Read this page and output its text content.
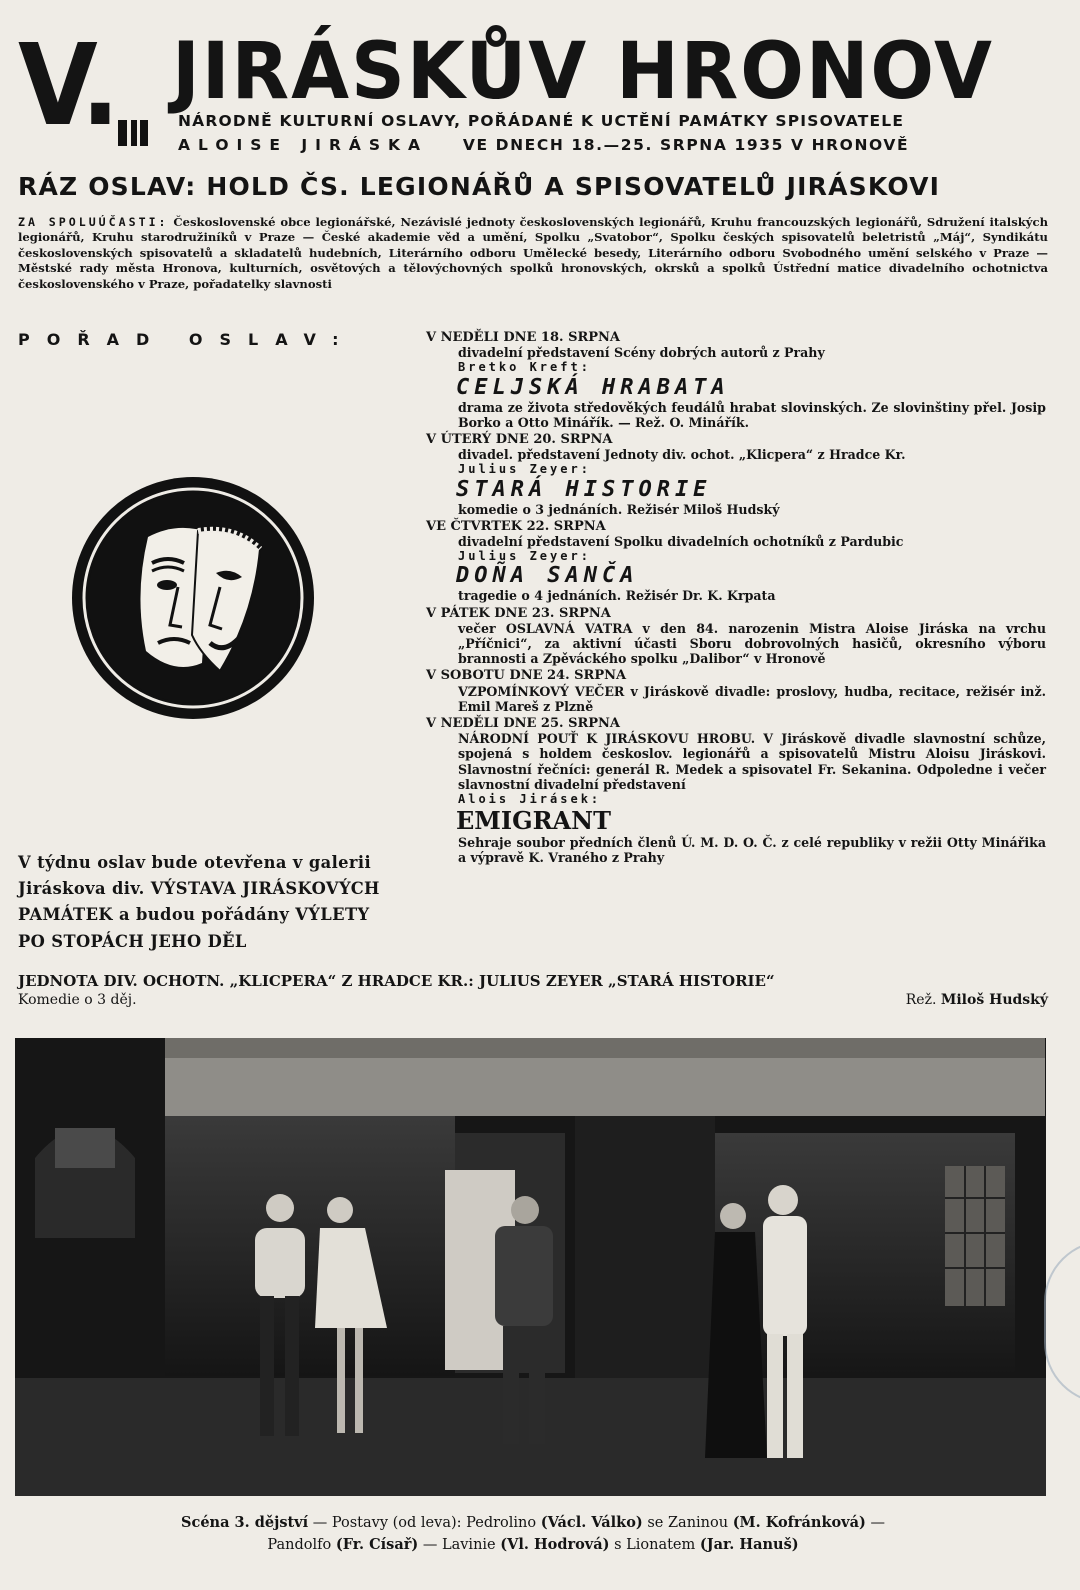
V. JIRÁSKŮV HRONOV
NÁRODNĚ KULTURNÍ OSLAVY, POŘÁDANÉ K UCTĚNÍ PAMÁTKY SPISOVATELE
ALOISE JIRÁSKA VE DNECH 18.—25. SRPNA 1935 V HRONOVĚ
RÁZ OSLAV: HOLD ČS. LEGIONÁŘŮ A SPISOVATELŮ JIRÁSKOVI
ZA SPOLUÚČASTI: Československé obce legionářské, Nezávislé jednoty československých legionářů, Kruhu francouzských legionářů, Sdružení italských legionářů, Kruhu starodružiníků v Praze — České akademie věd a umění, Spolku „Svatobor“, Spolku českých spisovatelů beletristů „Máj“, Syndikátu československých spisovatelů a skladatelů hudebních, Literárního odboru Umělecké besedy, Literárního odboru Svobodného umění selského v Praze — Městské rady města Hronova, kulturních, osvětových a tělovýchovných spolků hronovských, okrsků a spolků Ústřední matice divadelního ochotnictva československého v Praze, pořadatelky slavnosti
POŘAD OSLAV:	V NEDĚLI DNE 18. SRPNA
divadelní představení Scény dobrých autorů z Prahy
Bretko Kreft:
CELJSKÁ HRABATA
drama ze života středověkých feudálů hrabat slovinských. Ze slovinštiny přel. Josip Borko a Otto Minářík. — Rež. O. Minářík.
V ÚTERÝ DNE 20. SRPNA
divadel. představení Jednoty div. ochot. „Klicpera“ z Hradce Kr.
Julius Zeyer:
STARÁ HISTORIE
komedie o 3 jednáních. Režisér Miloš Hudský
VE ČTVRTEK 22. SRPNA
divadelní představení Spolku divadelních ochotníků z Pardubic
Julius Zeyer:
DOÑA SANČA
tragedie o 4 jednáních. Režisér Dr. K. Krpata
V PÁTEK DNE 23. SRPNA
večer OSLAVNÁ VATRA v den 84. narozenin Mistra Aloise Jiráska na vrchu „Příčnici“, za aktivní účasti Sboru dobrovolných hasičů, okresního výboru brannosti a Zpěváckého spolku „Dalibor“ v Hronově
V SOBOTU DNE 24. SRPNA
VZPOMÍNKOVÝ VEČER v Jiráskově divadle: proslovy, hudba, recitace, režisér inž. Emil Mareš z Plzně
V NEDĚLI DNE 25. SRPNA
NÁRODNÍ POUŤ K JIRÁSKOVU HROBU. V Jiráskově divadle slavnostní schůze, spojená s holdem českoslov. legionářů a spisovatelů Mistru Aloisu Jiráskovi. Slavnostní řečníci: generál R. Medek a spisovatel Fr. Sekanina. Odpoledne i večer slavnostní divadelní představení
Alois Jirásek:
EMIGRANT
Sehraje soubor předních členů Ú. M. D. O. Č. z celé republiky v režii Otty Minářika a výpravě K. Vraného z Prahy
V týdnu oslav bude otevřena v galerii Jiráskova div. VÝSTAVA JIRÁSKOVÝCH PAMÁTEK a budou pořádány VÝLETY PO STOPÁCH JEHO DĚL
JEDNOTA DIV. OCHOTN. „KLICPERA“ Z HRADCE KR.: JULIUS ZEYER „STARÁ HISTORIE“
Komedie o 3 děj.	Rež. Miloš Hudský
Scéna 3. dějství — Postavy (od leva): Pedrolino (Václ. Válko) se Zaninou (M. Kofránková) —
Pandolfo (Fr. Císař) — Lavinie (Vl. Hodrová) s Lionatem (Jar. Hanuš)
